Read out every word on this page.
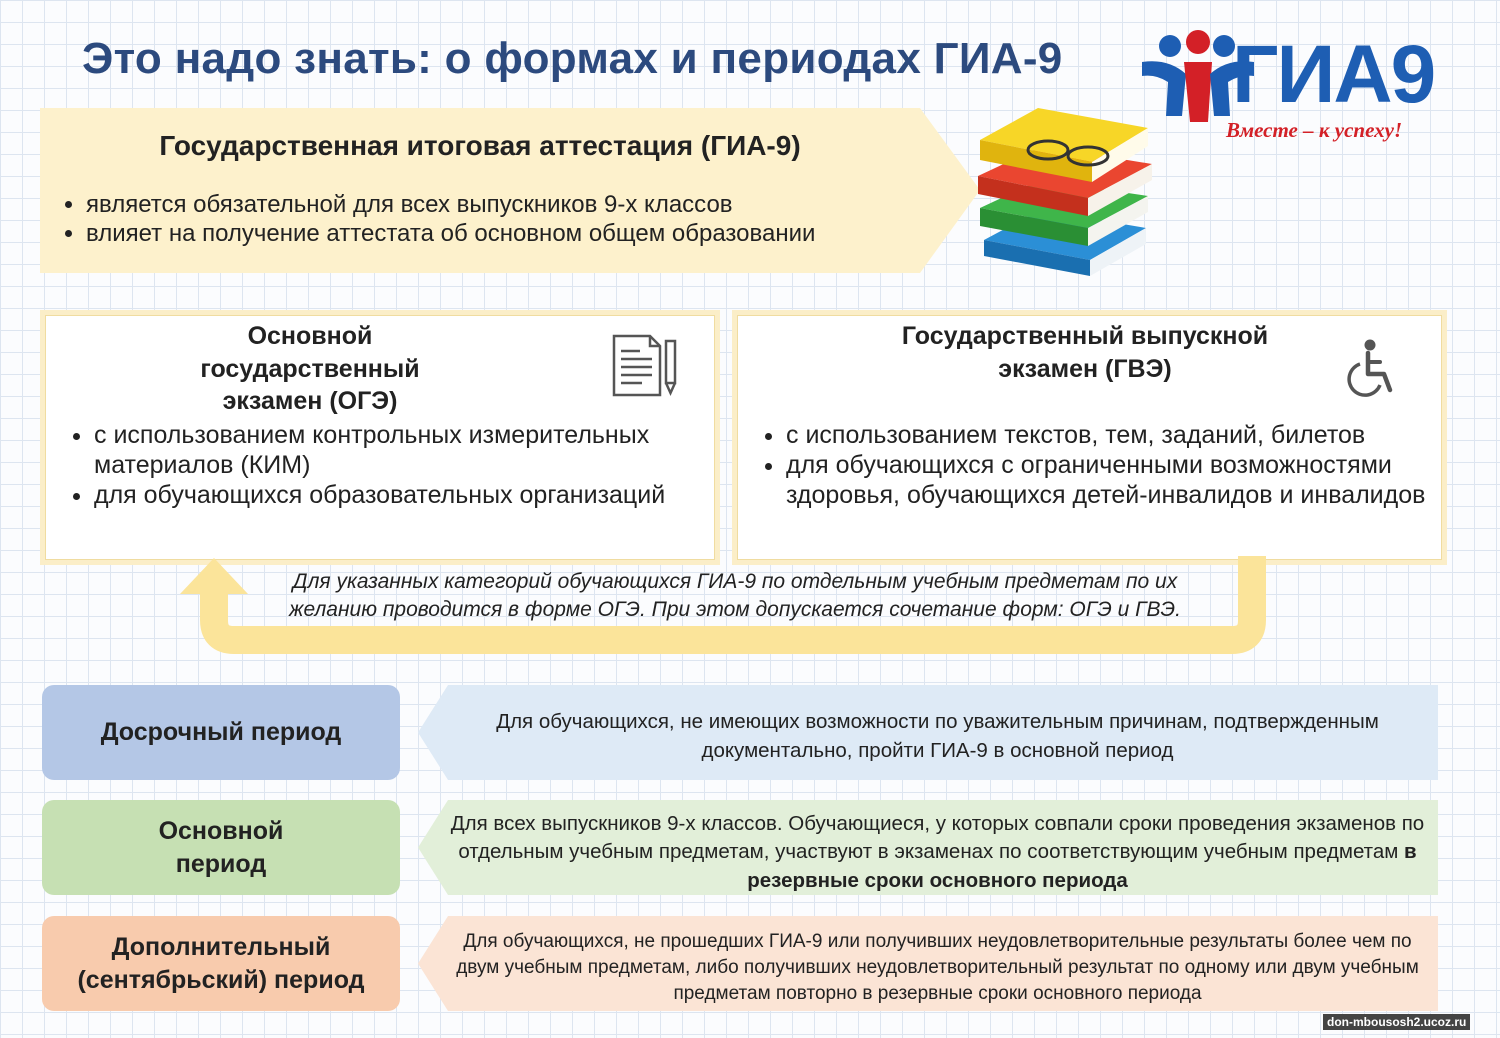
Это надо знать: о формах и периодах ГИА-9 ГИА9
Вместе – к успеху!
Государственная итоговая аттестация (ГИА-9)
• является обязательной для всех выпускников 9-х классов
• влияет на получение аттестата об основном общем образовании
Основной государственный
экзамен (ОГЭ)
• с использованием контрольных измерительных материалов (КИМ)
• для обучающихся образовательных организаций
Государственный выпускной
экзамен (ГВЭ)
• с использованием текстов, тем, заданий, билетов
• для обучающихся с ограниченными возможностями здоровья, обучающихся детей-инвалидов и инвалидов
Для указанных категорий обучающихся ГИА-9 по отдельным учебным предметам по их
желанию проводится в форме ОГЭ. При этом допускается сочетание форм: ОГЭ и ГВЭ.
Досрочный период	Для обучающихся, не имеющих возможности по уважительным причинам, подтвержденным документально, пройти ГИА-9 в основной период
Основной
период
Для всех выпускников 9-х классов. Обучающиеся, у которых совпали сроки проведения экзаменов по отдельным учебным предметам, участвуют в экзаменах по соответствующим учебным предметам в резервные сроки основного периода
Дополнительный
(сентябрьский) период
Для обучающихся, не прошедших ГИА-9 или получивших неудовлетворительные результаты более чем по двум учебным предметам, либо получивших неудовлетворительный результат по одному или двум учебным предметам повторно в резервные сроки основного периода
don-mbousosh2.ucoz.ru
